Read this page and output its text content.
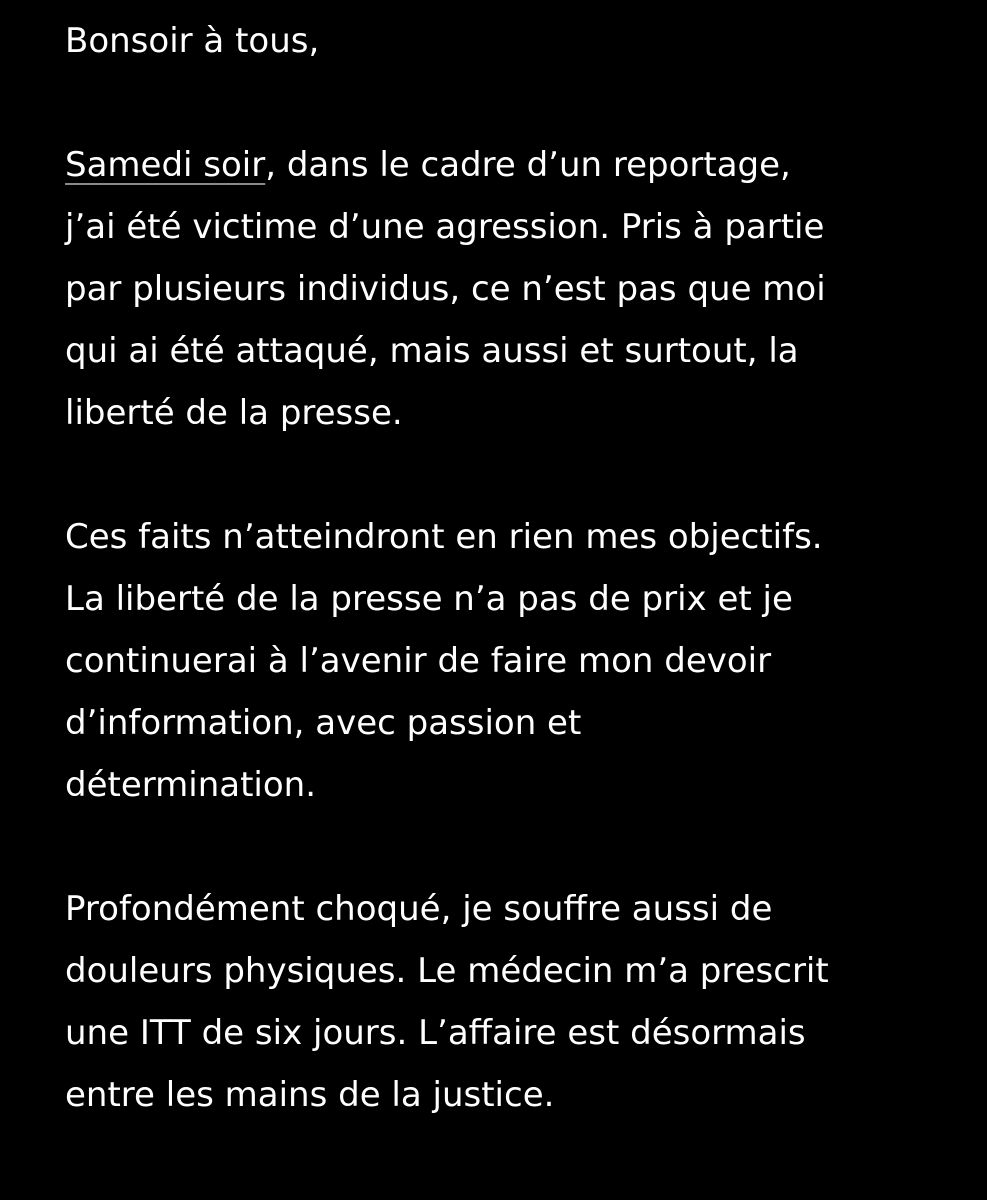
Bonsoir à tous,
Samedi soir, dans le cadre d’un reportage,
j’ai été victime d’une agression. Pris à partie
par plusieurs individus, ce n’est pas que moi
qui ai été attaqué, mais aussi et surtout, la
liberté de la presse.
Ces faits n’atteindront en rien mes objectifs.
La liberté de la presse n’a pas de prix et je
continuerai à l’avenir de faire mon devoir
d’information, avec passion et
détermination.
Profondément choqué, je souffre aussi de
douleurs physiques. Le médecin m’a prescrit
une ITT de six jours. L’affaire est désormais
entre les mains de la justice.
